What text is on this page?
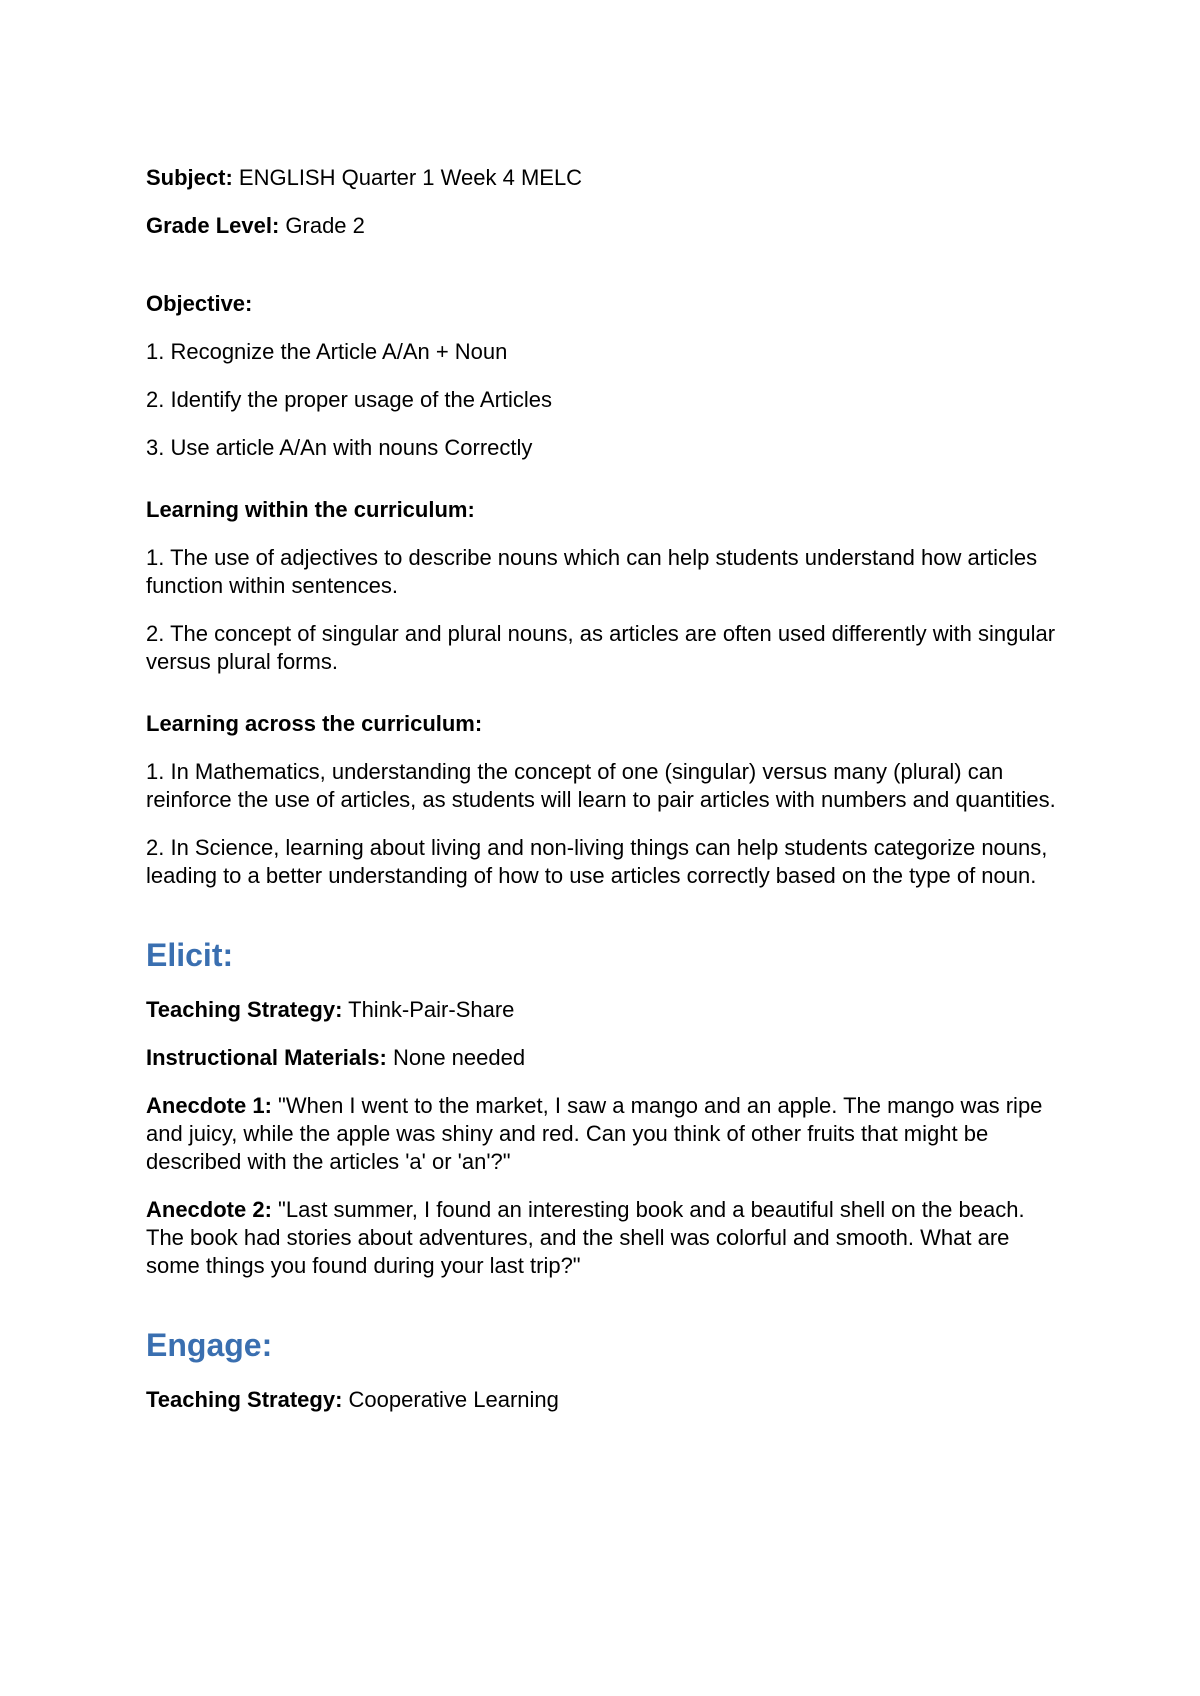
Subject: ENGLISH Quarter 1 Week 4 MELC

Grade Level: Grade 2

Objective:

1. Recognize the Article A/An + Noun

2. Identify the proper usage of the Articles

3. Use article A/An with nouns Correctly

Learning within the curriculum:

1. The use of adjectives to describe nouns which can help students understand how articles function within sentences.

2. The concept of singular and plural nouns, as articles are often used differently with singular versus plural forms.

Learning across the curriculum:

1. In Mathematics, understanding the concept of one (singular) versus many (plural) can reinforce the use of articles, as students will learn to pair articles with numbers and quantities.

2. In Science, learning about living and non-living things can help students categorize nouns, leading to a better understanding of how to use articles correctly based on the type of noun.

Elicit:

Teaching Strategy: Think-Pair-Share

Instructional Materials: None needed

Anecdote 1: "When I went to the market, I saw a mango and an apple. The mango was ripe and juicy, while the apple was shiny and red. Can you think of other fruits that might be described with the articles 'a' or 'an'?"

Anecdote 2: "Last summer, I found an interesting book and a beautiful shell on the beach. The book had stories about adventures, and the shell was colorful and smooth. What are some things you found during your last trip?"

Engage:

Teaching Strategy: Cooperative Learning
